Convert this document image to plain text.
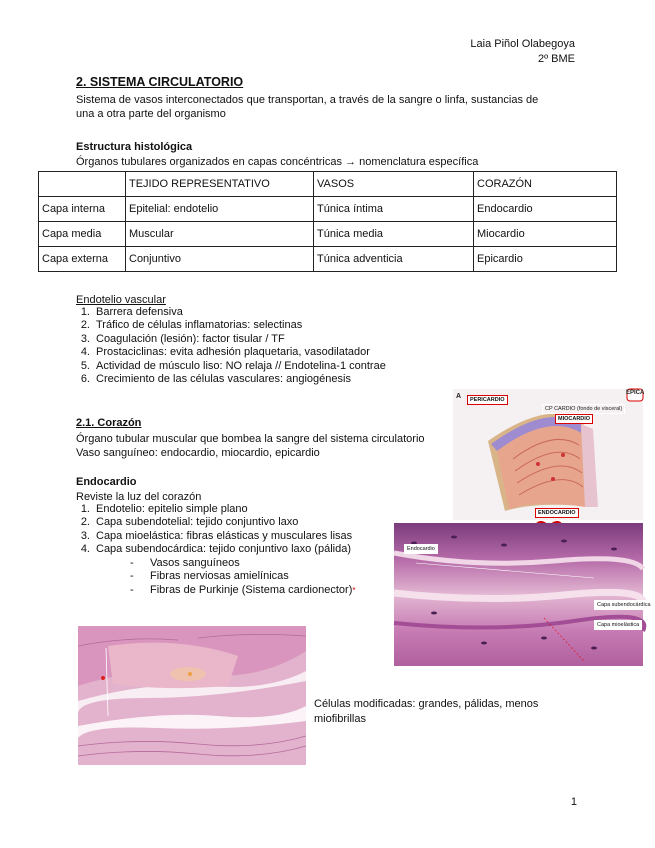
Laia Piñol Olabegoya
2º BME
2. SISTEMA CIRCULATORIO
Sistema de vasos interconectados que transportan, a través de la sangre o linfa, sustancias de
una a otra parte del organismo
Estructura histológica
Órganos tubulares organizados en capas concéntricas → nomenclatura específica
	TEJIDO REPRESENTATIVO	VASOS	CORAZÓN
Capa interna	Epitelial: endotelio	Túnica íntima	Endocardio
Capa media	Muscular	Túnica media	Miocardio
Capa externa	Conjuntivo	Túnica adventicia	Epicardio
Endotelio vascular
1. Barrera defensiva
2. Tráfico de células inflamatorias: selectinas
3. Coagulación (lesión): factor tisular / TF
4. Prostaciclinas: evita adhesión plaquetaria, vasodilatador
5. Actividad de músculo liso: NO relaja // Endotelina-1 contrae
6. Crecimiento de las células vasculares: angiogénesis
2.1. Corazón
Órgano tubular muscular que bombea la sangre del sistema circulatorio
Vaso sanguíneo: endocardio, miocardio, epicardio
Endocardio
Reviste la luz del corazón
1. Endotelio: epitelio simple plano
2. Capa subendotelial: tejido conjuntivo laxo
3. Capa mioelástica: fibras elásticas y musculares lisas
4. Capa subendocárdica: tejido conjuntivo laxo (pálida)
- Vasos sanguíneos
- Fibras nerviosas amielínicas
- Fibras de Purkinje (Sistema cardionector)*
A	PERICARDIO
CP CARDIO (fondo de visceral)
MIOCARDIO
ENDOCARDIO
EPICA
Endocardio
Capa subendocárdica
Capa mioelástica
Células modificadas: grandes, pálidas, menos
miofibrillas
1
